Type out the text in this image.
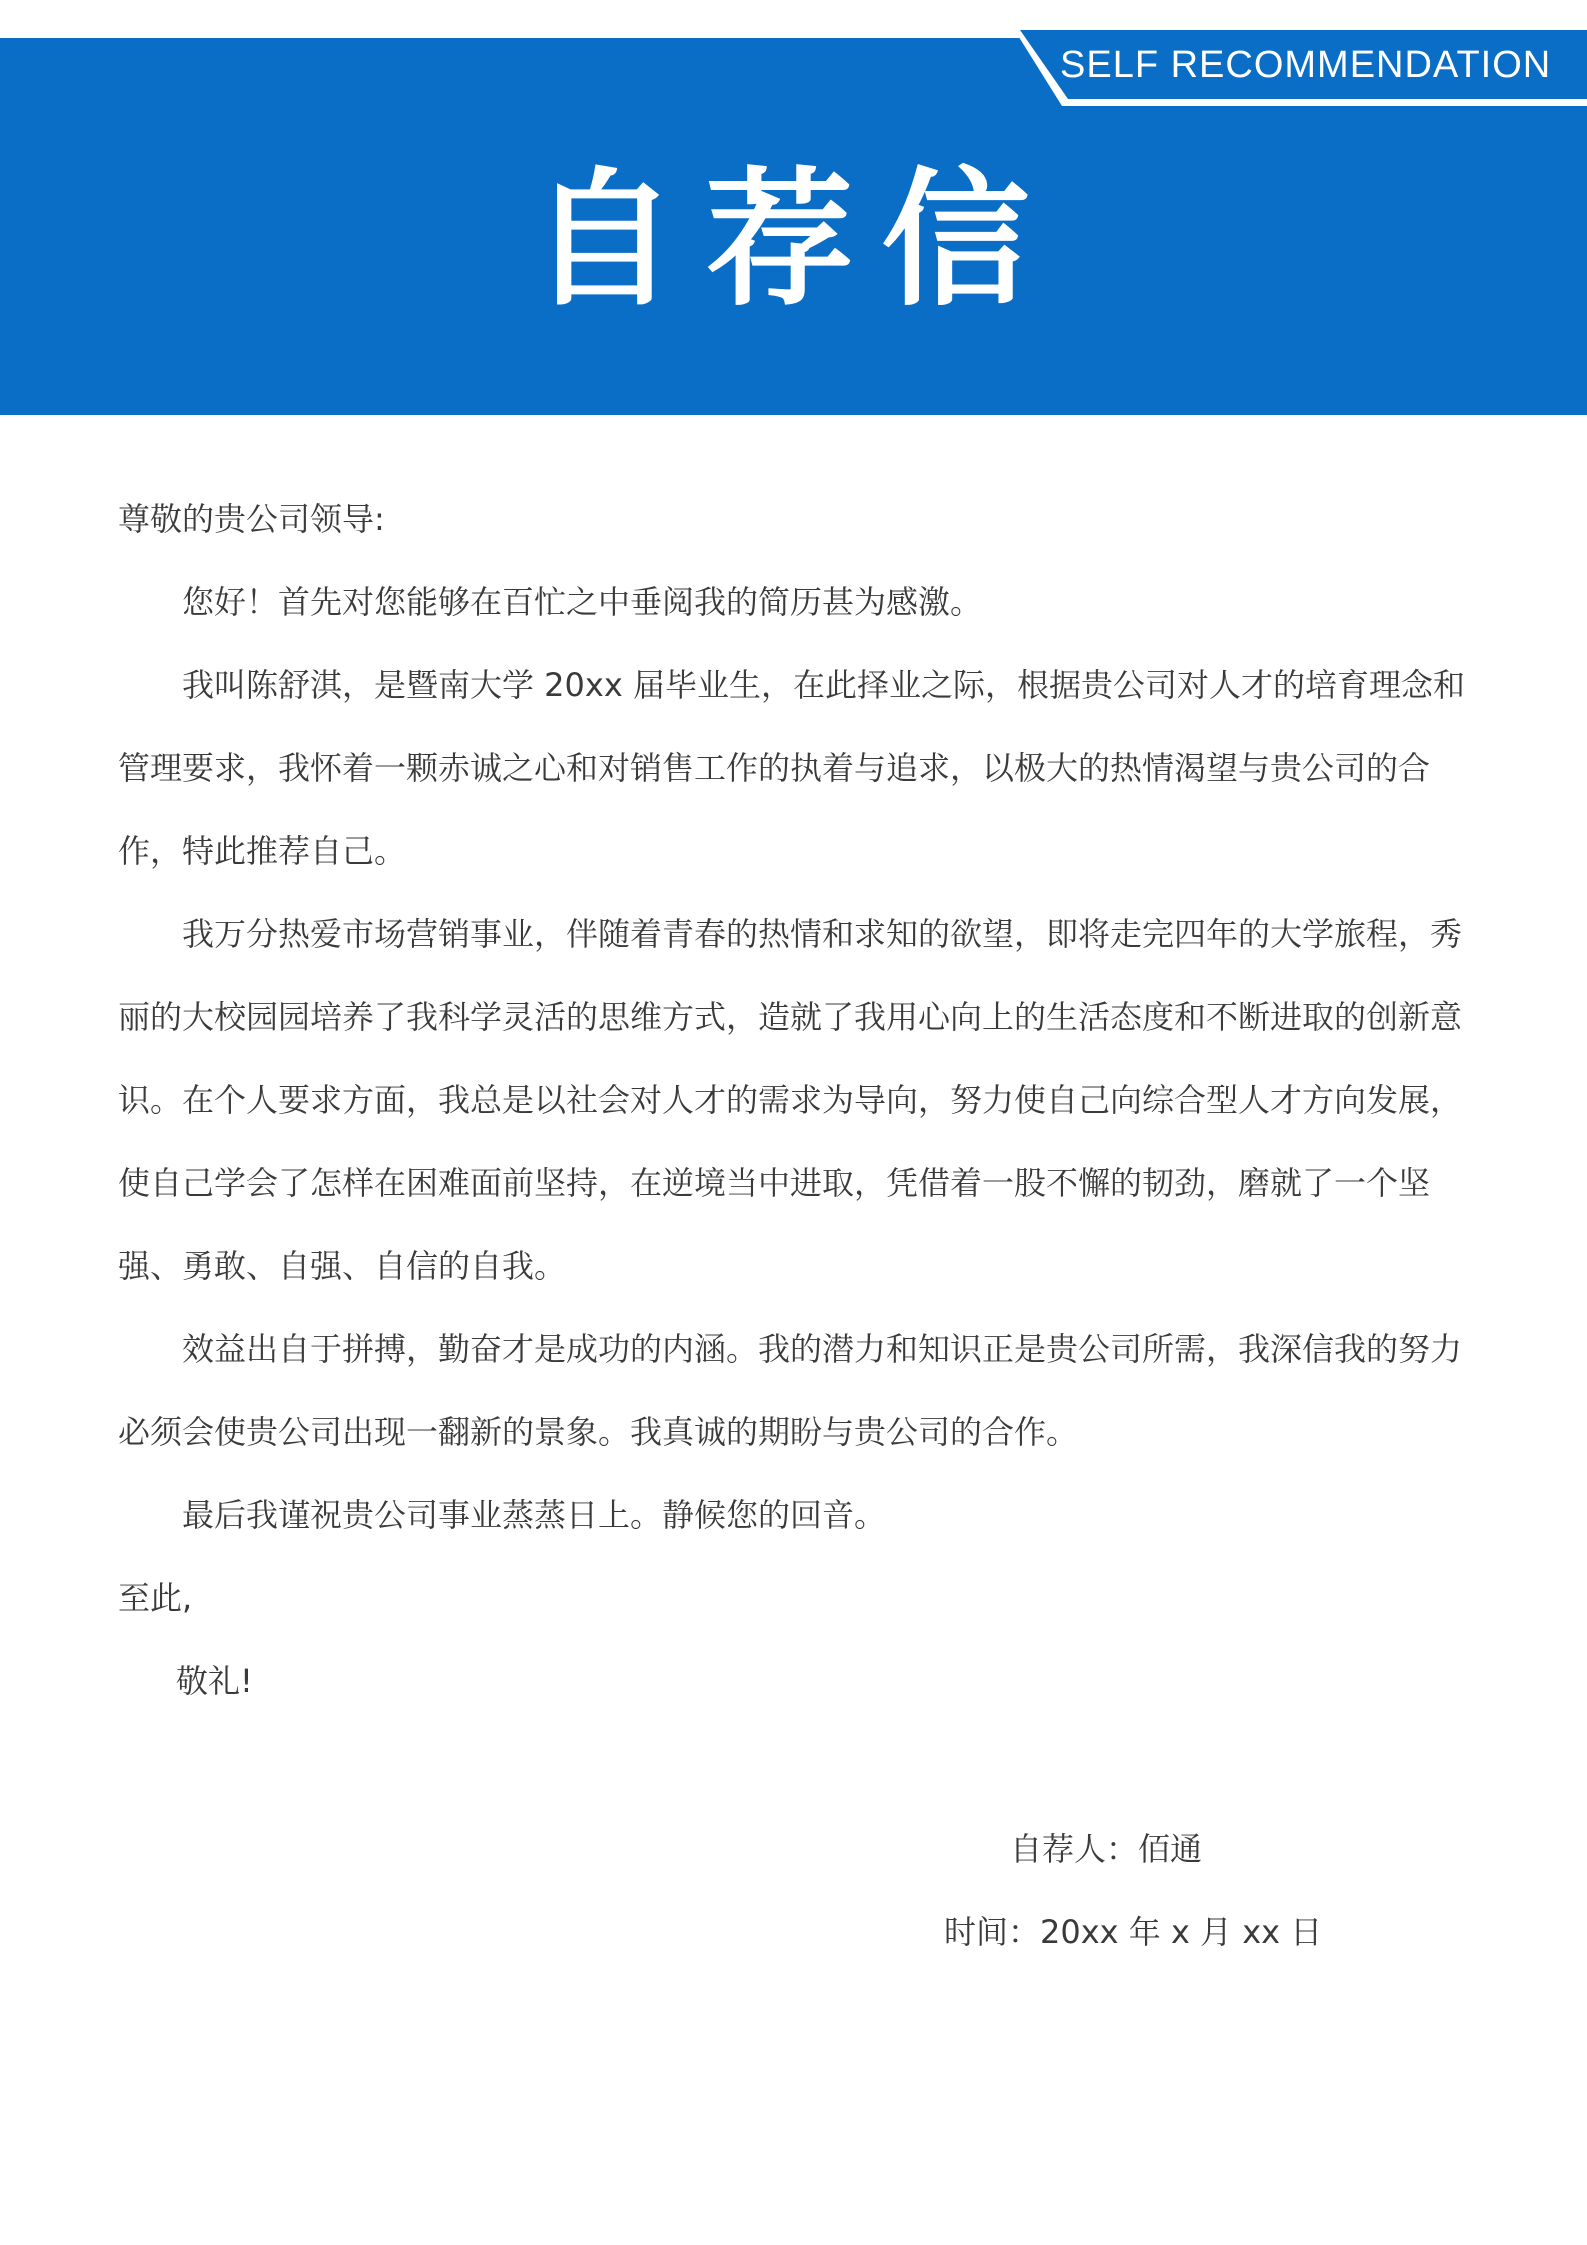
SELF RECOMMENDATION
自荐信

尊敬的贵公司领导:

您好！首先对您能够在百忙之中垂阅我的简历甚为感激。

我叫陈舒淇，是暨南大学 20xx 届毕业生，在此择业之际，根据贵公司对人才的培育理念和管理要求，我怀着一颗赤诚之心和对销售工作的执着与追求，以极大的热情渴望与贵公司的合作，特此推荐自己。

我万分热爱市场营销事业，伴随着青春的热情和求知的欲望，即将走完四年的大学旅程，秀丽的大校园园培养了我科学灵活的思维方式，造就了我用心向上的生活态度和不断进取的创新意识。在个人要求方面，我总是以社会对人才的需求为导向，努力使自己向综合型人才方向发展，使自己学会了怎样在困难面前坚持，在逆境当中进取，凭借着一股不懈的韧劲，磨就了一个坚强、勇敢、自强、自信的自我。

效益出自于拼搏，勤奋才是成功的内涵。我的潜力和知识正是贵公司所需，我深信我的努力必须会使贵公司出现一翻新的景象。我真诚的期盼与贵公司的合作。

最后我谨祝贵公司事业蒸蒸日上。静候您的回音。

至此,

敬礼!

自荐人：佰通
时间：20xx 年 x 月 xx 日
